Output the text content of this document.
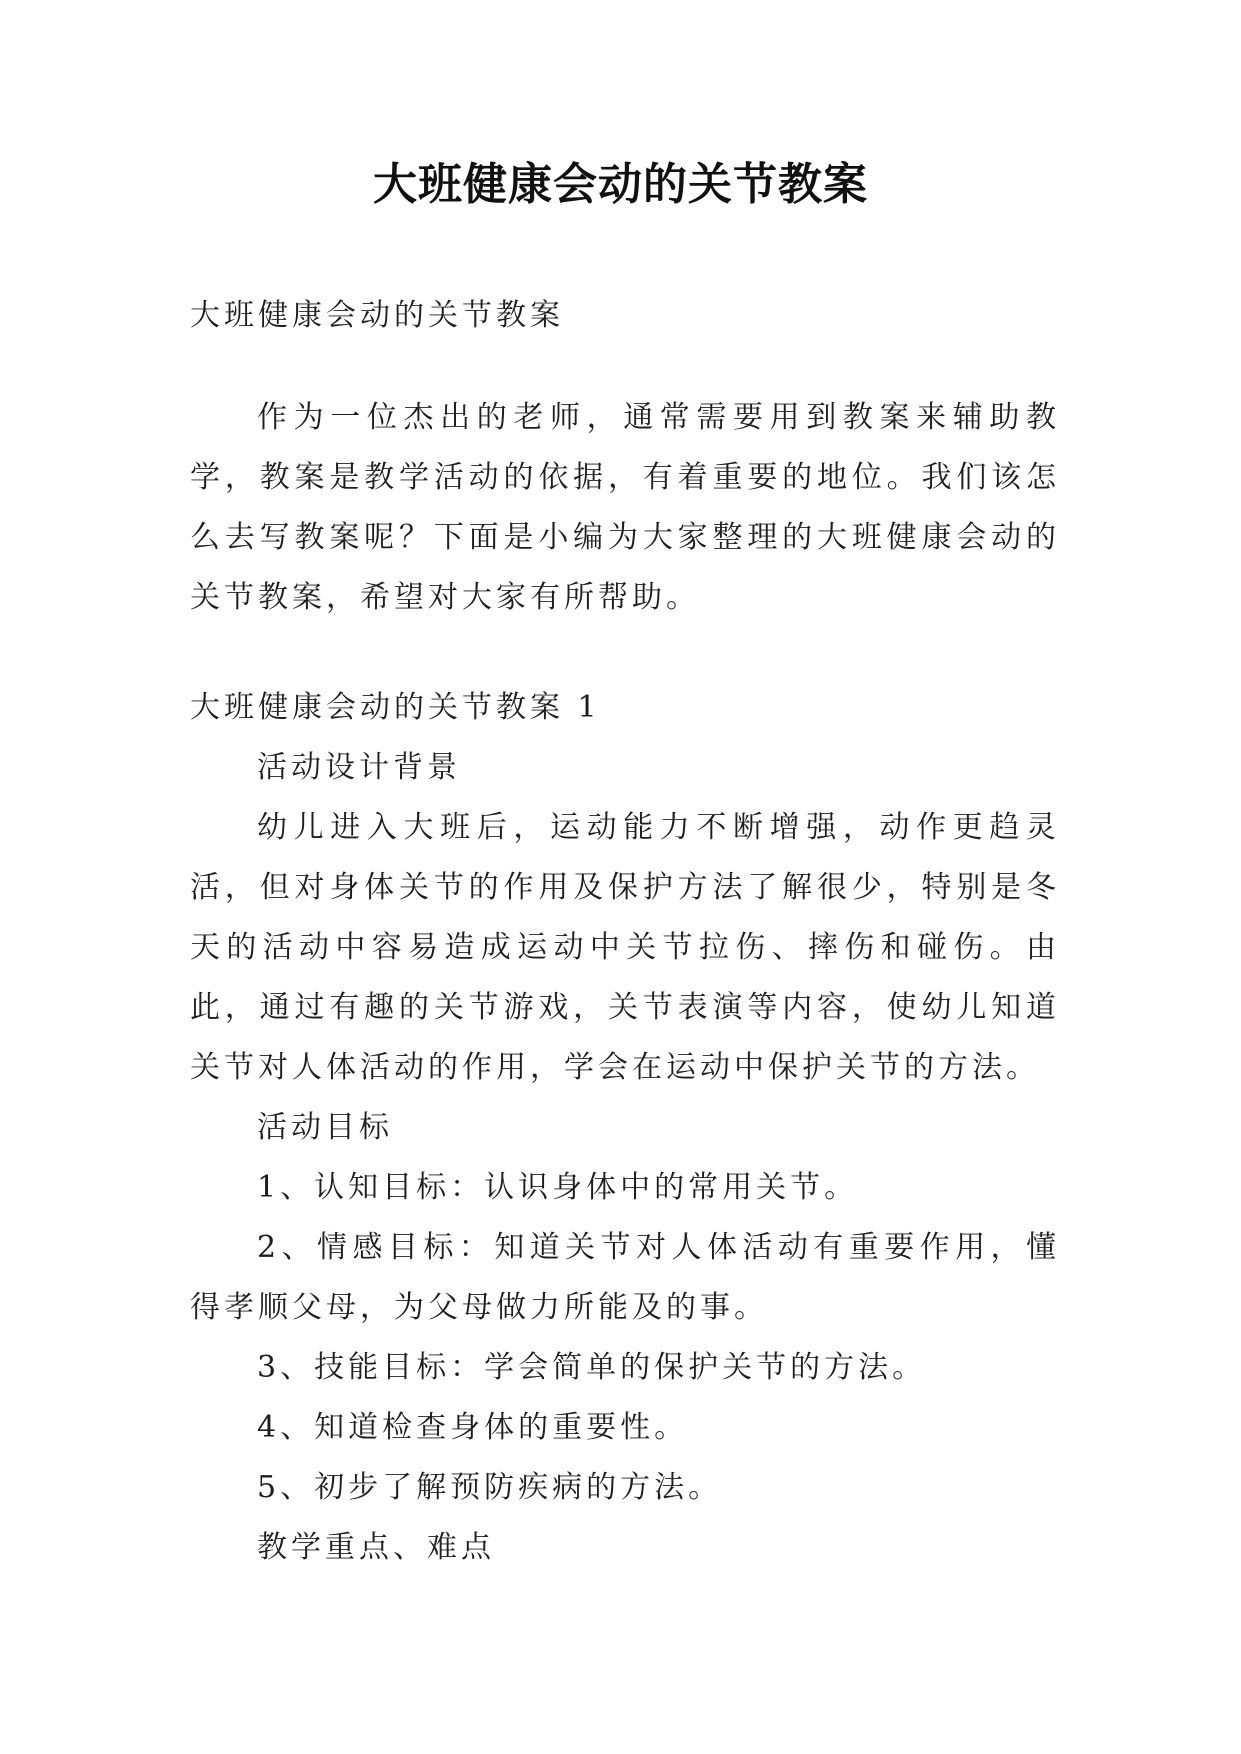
大班健康会动的关节教案

大班健康会动的关节教案

作为一位杰出的老师，通常需要用到教案来辅助教学，教案是教学活动的依据，有着重要的地位。我们该怎么去写教案呢？下面是小编为大家整理的大班健康会动的关节教案，希望对大家有所帮助。

大班健康会动的关节教案 1

活动设计背景

幼儿进入大班后，运动能力不断增强，动作更趋灵活，但对身体关节的作用及保护方法了解很少，特别是冬天的活动中容易造成运动中关节拉伤、摔伤和碰伤。由此，通过有趣的关节游戏，关节表演等内容，使幼儿知道关节对人体活动的作用，学会在运动中保护关节的方法。

活动目标

1、认知目标：认识身体中的常用关节。

2、情感目标：知道关节对人体活动有重要作用，懂得孝顺父母，为父母做力所能及的事。

3、技能目标：学会简单的保护关节的方法。

4、知道检查身体的重要性。

5、初步了解预防疾病的方法。

教学重点、难点
